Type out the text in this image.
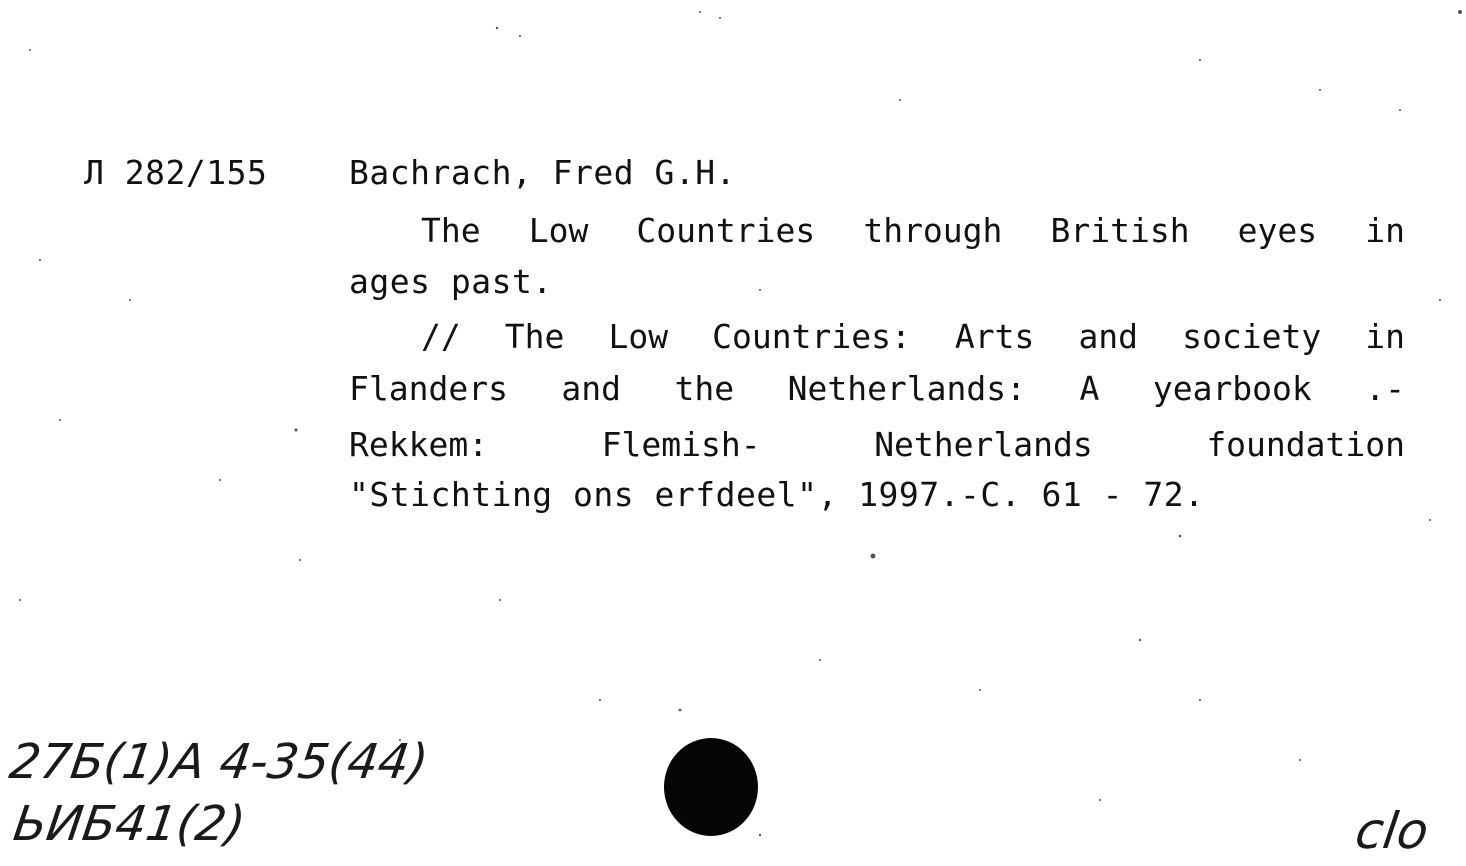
Л 282/155 Bachrach, Fred G.H.
The Low Countries through British eyes in
ages past.
// The Low Countries: Arts and society in
Flanders and the Netherlands: A yearbook .-
Rekkem: Flemish- Netherlands foundation
"Stichting ons erfdeel", 1997.-C. 61 - 72.
27Б(1)А 4-35(44)
ЬИБ41(2)	clo
